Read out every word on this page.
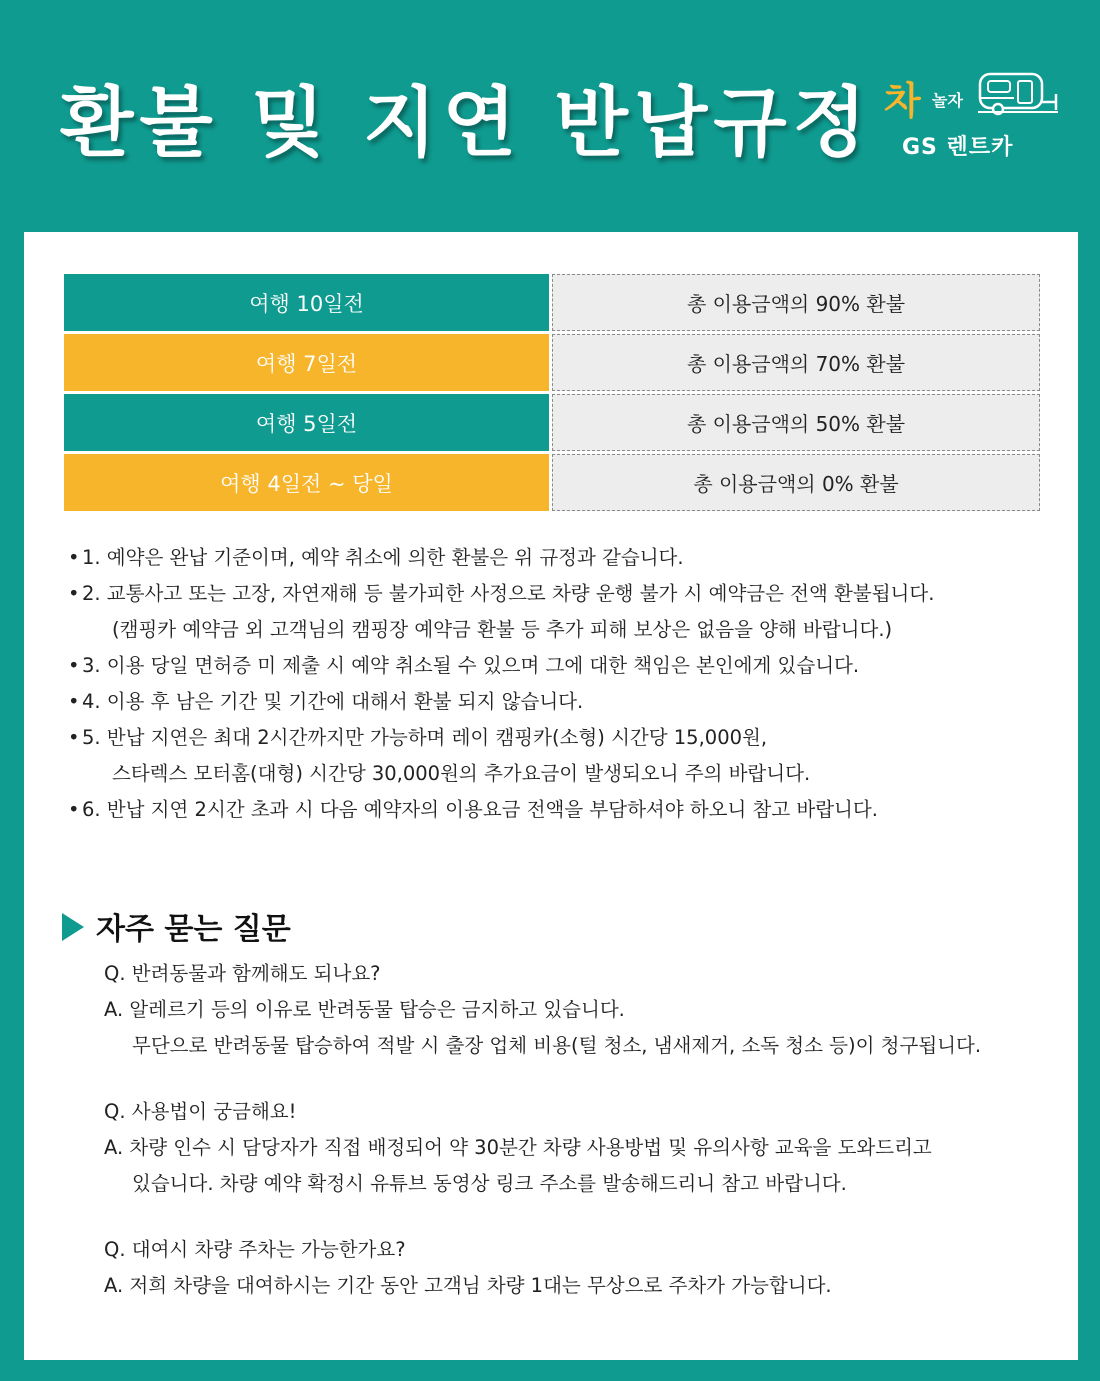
환불 및 지연 반납규정 차 놀자
GS 렌트카
여행 10일전	총 이용금액의 90% 환불
여행 7일전	총 이용금액의 70% 환불
여행 5일전	총 이용금액의 50% 환불
여행 4일전 ~ 당일	총 이용금액의 0% 환불
• 1. 예약은 완납 기준이며, 예약 취소에 의한 환불은 위 규정과 같습니다.
• 2. 교통사고 또는 고장, 자연재해 등 불가피한 사정으로 차량 운행 불가 시 예약금은 전액 환불됩니다.
(캠핑카 예약금 외 고객님의 캠핑장 예약금 환불 등 추가 피해 보상은 없음을 양해 바랍니다.)
• 3. 이용 당일 면허증 미 제출 시 예약 취소될 수 있으며 그에 대한 책임은 본인에게 있습니다.
• 4. 이용 후 남은 기간 및 기간에 대해서 환불 되지 않습니다.
• 5. 반납 지연은 최대 2시간까지만 가능하며 레이 캠핑카(소형) 시간당 15,000원,
스타렉스 모터홈(대형) 시간당 30,000원의 추가요금이 발생되오니 주의 바랍니다.
• 6. 반납 지연 2시간 초과 시 다음 예약자의 이용요금 전액을 부담하셔야 하오니 참고 바랍니다.
자주 묻는 질문
Q. 반려동물과 함께해도 되나요?
A. 알레르기 등의 이유로 반려동물 탑승은 금지하고 있습니다.
무단으로 반려동물 탑승하여 적발 시 출장 업체 비용(털 청소, 냄새제거, 소독 청소 등)이 청구됩니다.
Q. 사용법이 궁금해요!
A. 차량 인수 시 담당자가 직접 배정되어 약 30분간 차량 사용방법 및 유의사항 교육을 도와드리고
있습니다. 차량 예약 확정시 유튜브 동영상 링크 주소를 발송해드리니 참고 바랍니다.
Q. 대여시 차량 주차는 가능한가요?
A. 저희 차량을 대여하시는 기간 동안 고객님 차량 1대는 무상으로 주차가 가능합니다.
